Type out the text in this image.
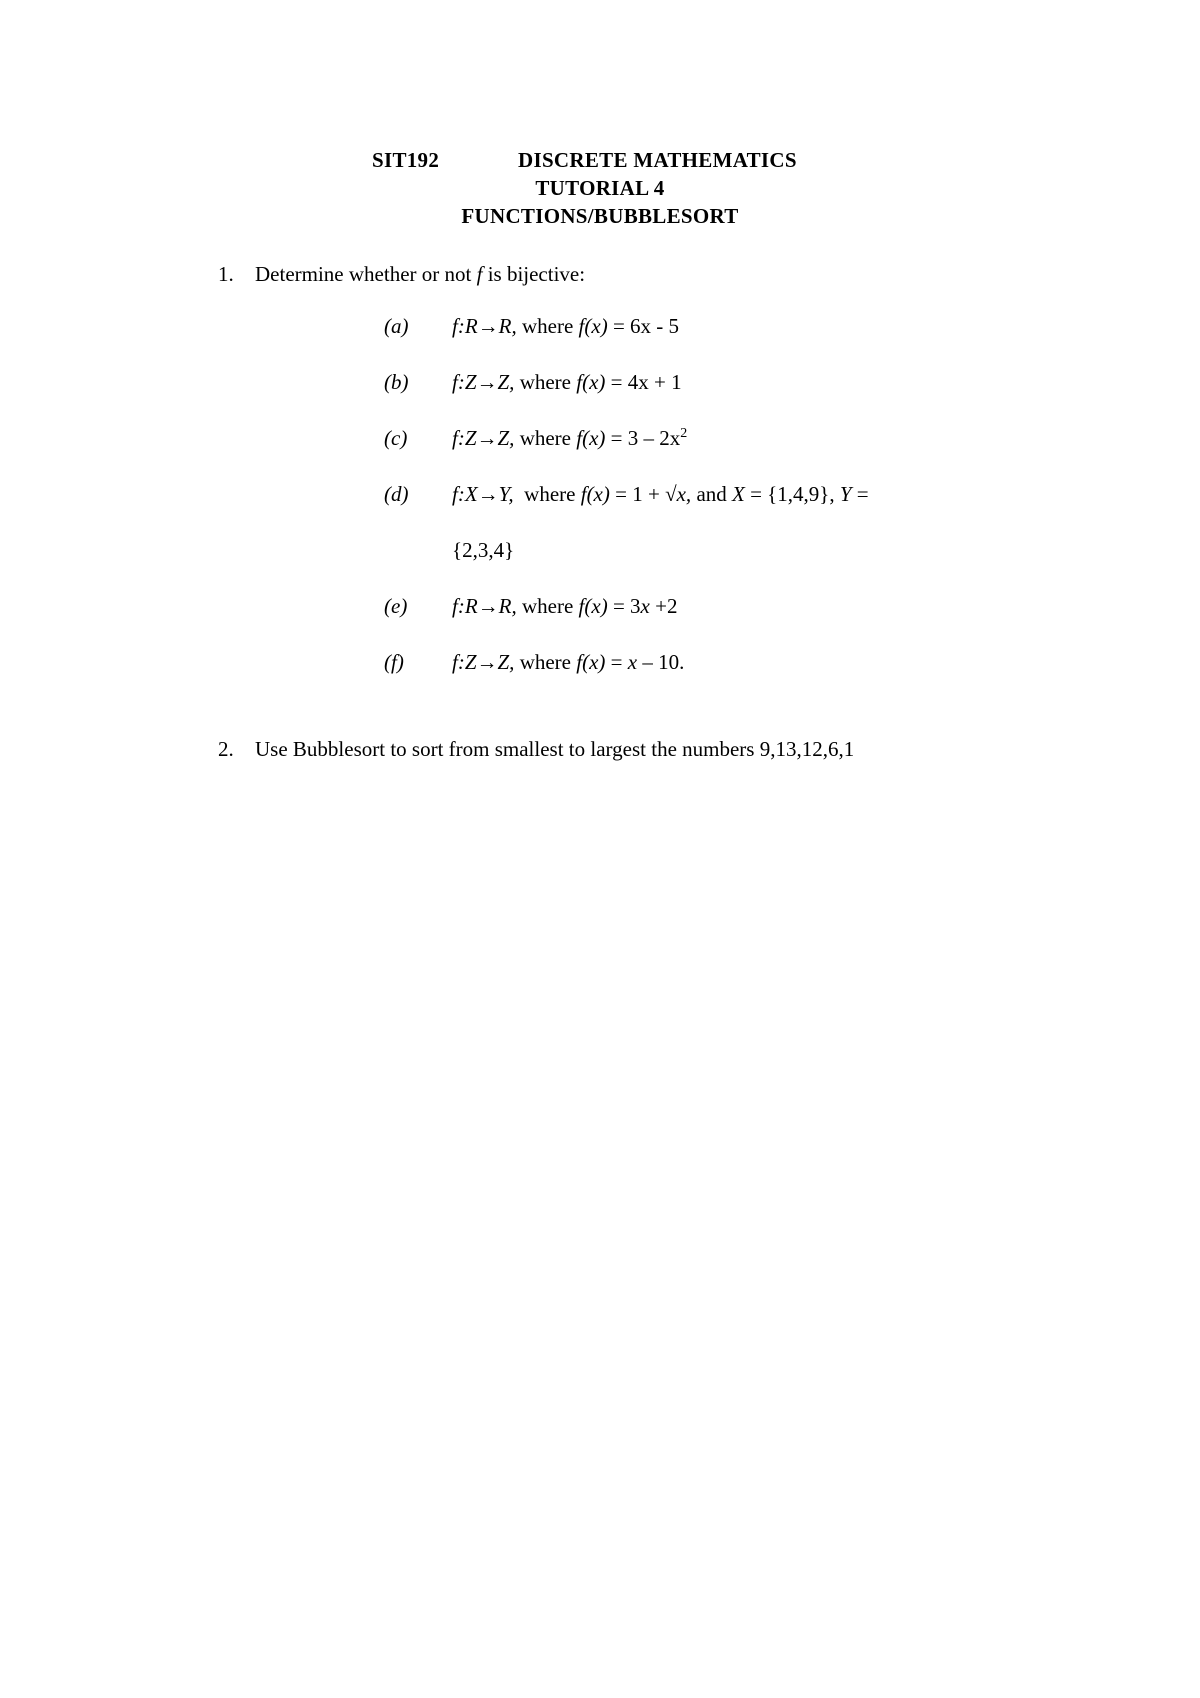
SIT192	DISCRETE MATHEMATICS
TUTORIAL 4
FUNCTIONS/BUBBLESORT
1. Determine whether or not f is bijective:
(a) f:R→R, where f(x) = 6x - 5
(b) f:Z→Z, where f(x) = 4x + 1
(c) f:Z→Z, where $f(x) = 3 - 2x^2$
(d) f:X→Y,  where f(x) = 1 + √x, and X = {1,4,9}, Y =
{2,3,4}
(e) f:R→R, where f(x) = 3x +2
(f) f:Z→Z, where f(x) = x – 10.
2. Use Bubblesort to sort from smallest to largest the numbers 9,13,12,6,1
